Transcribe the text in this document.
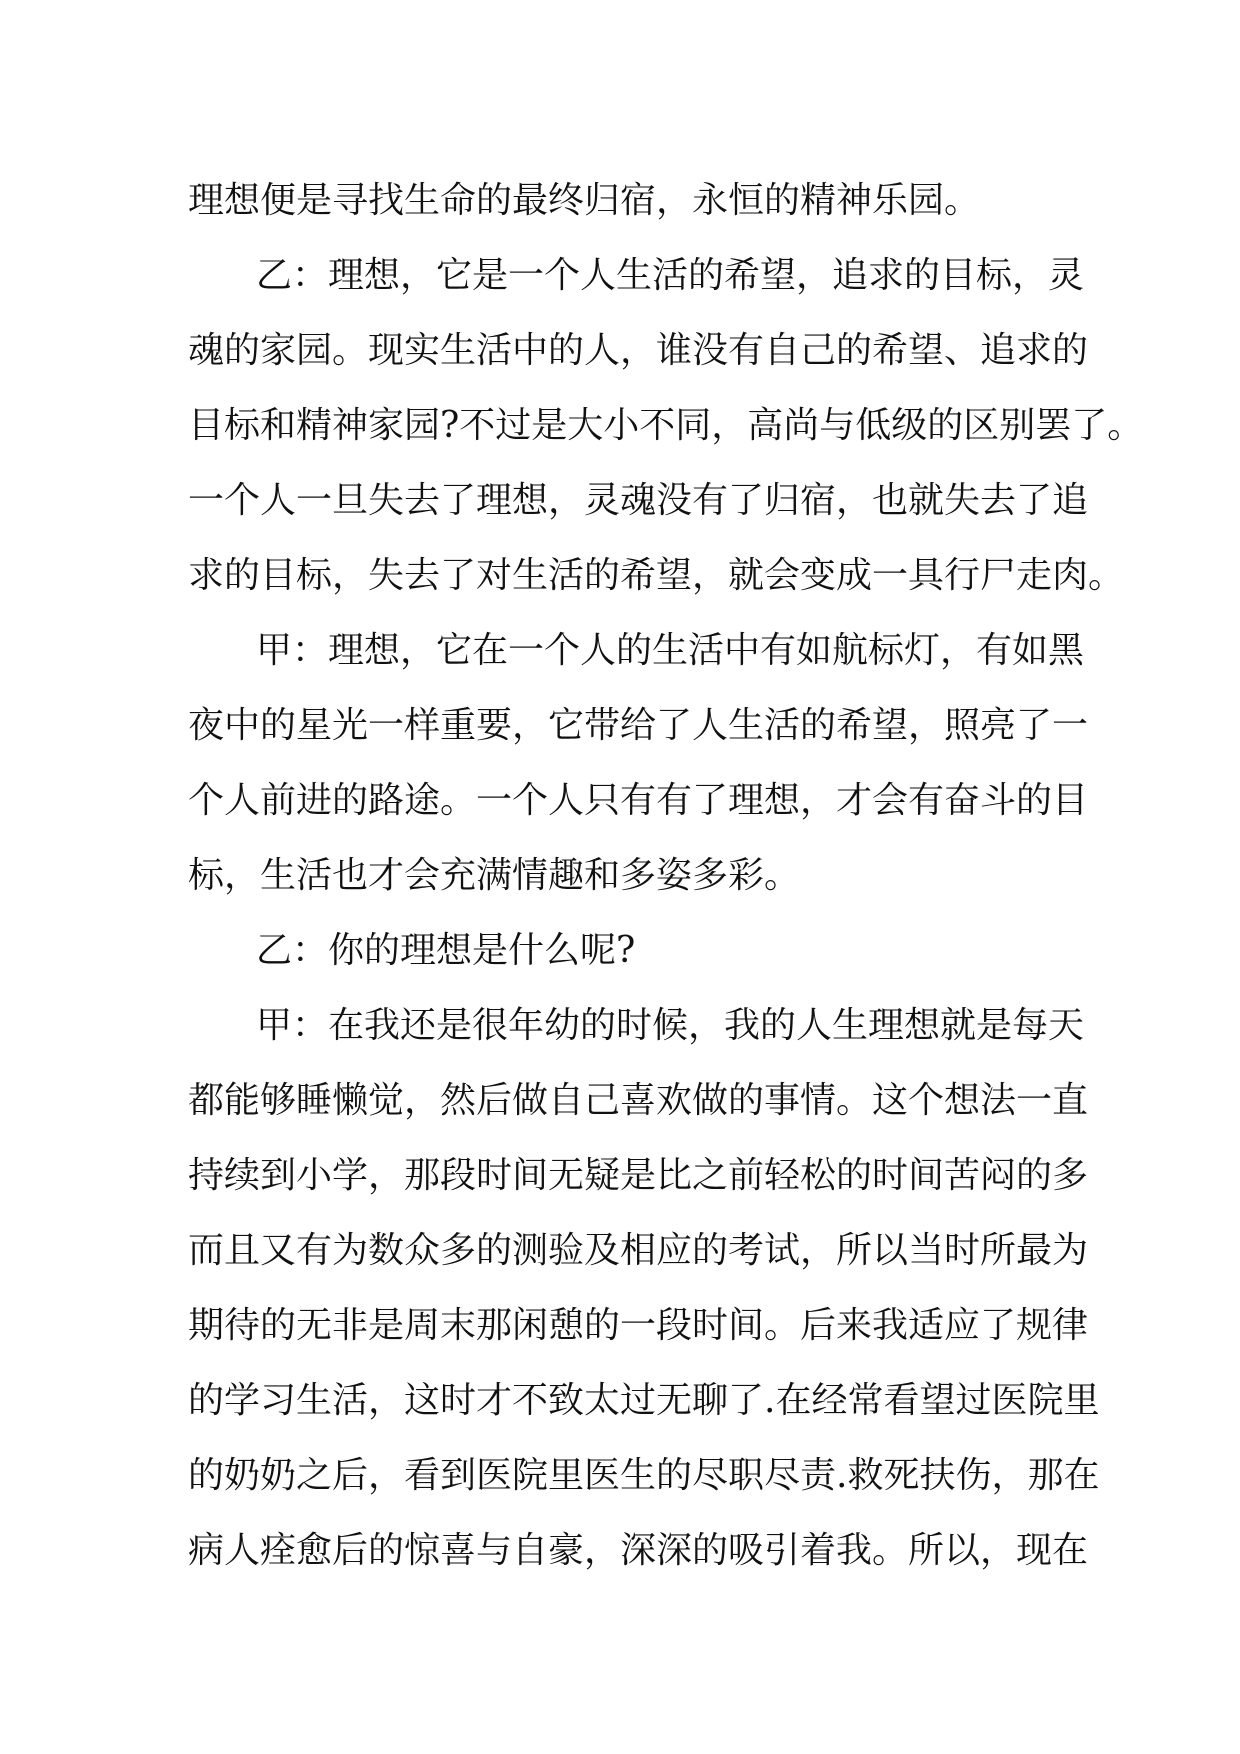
理想便是寻找生命的最终归宿，永恒的精神乐园。
乙：理想，它是一个人生活的希望，追求的目标，灵
魂的家园。现实生活中的人，谁没有自己的希望、追求的
目标和精神家园?不过是大小不同，高尚与低级的区别罢了。
一个人一旦失去了理想，灵魂没有了归宿，也就失去了追
求的目标，失去了对生活的希望，就会变成一具行尸走肉。
甲：理想，它在一个人的生活中有如航标灯，有如黑
夜中的星光一样重要，它带给了人生活的希望，照亮了一
个人前进的路途。一个人只有有了理想，才会有奋斗的目
标，生活也才会充满情趣和多姿多彩。
乙：你的理想是什么呢?
甲：在我还是很年幼的时候，我的人生理想就是每天
都能够睡懒觉，然后做自己喜欢做的事情。这个想法一直
持续到小学，那段时间无疑是比之前轻松的时间苦闷的多
而且又有为数众多的测验及相应的考试，所以当时所最为
期待的无非是周末那闲憩的一段时间。后来我适应了规律
的学习生活，这时才不致太过无聊了.在经常看望过医院里
的奶奶之后，看到医院里医生的尽职尽责.救死扶伤，那在
病人痊愈后的惊喜与自豪，深深的吸引着我。所以，现在
